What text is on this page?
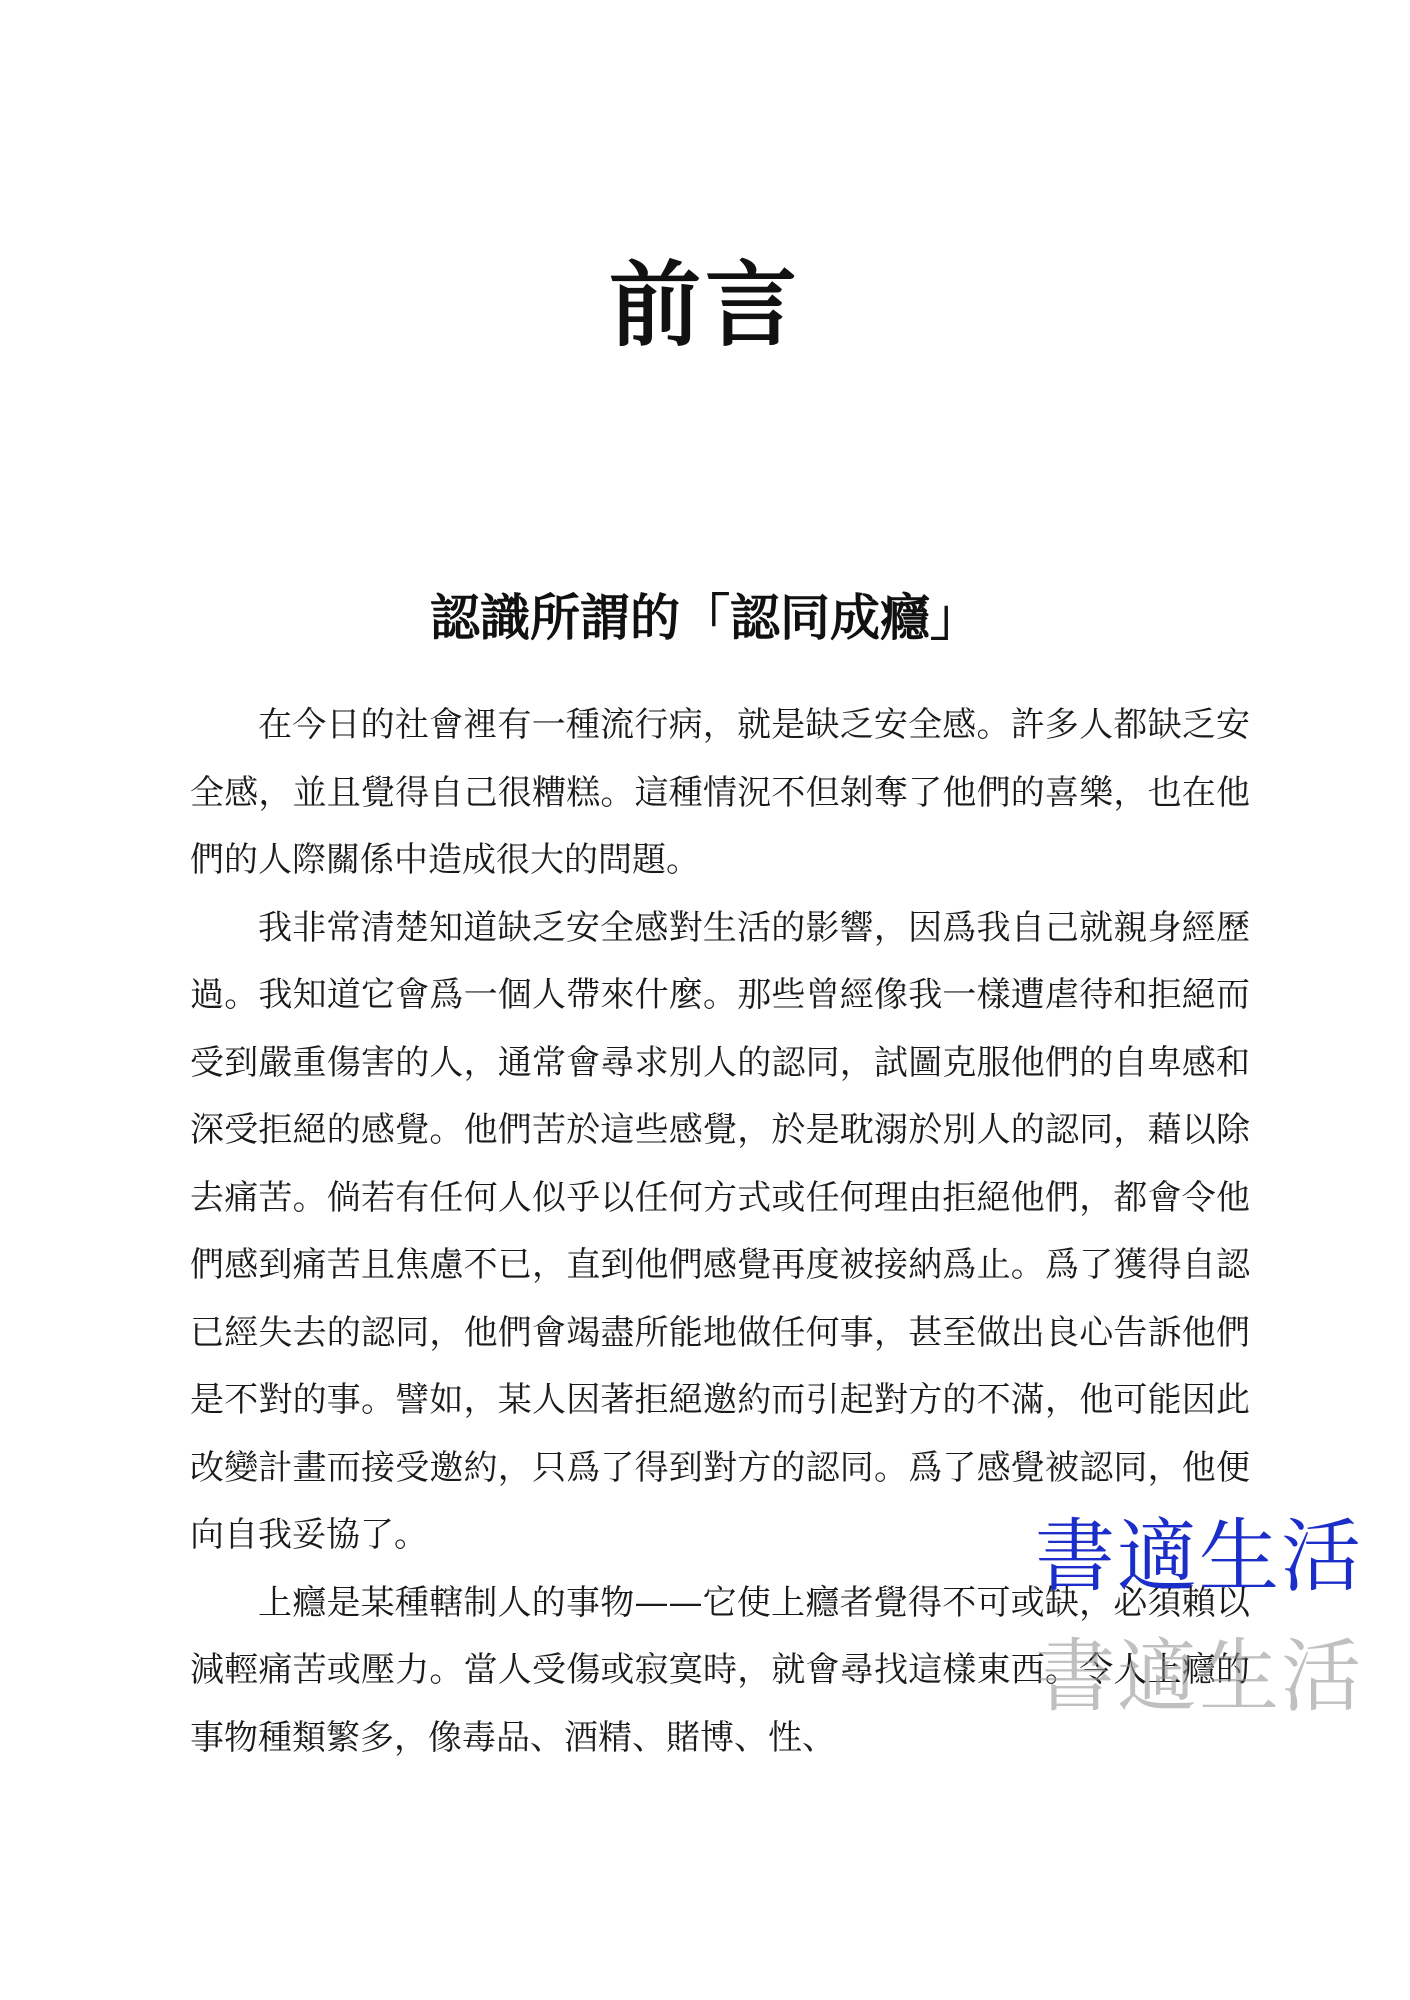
前言
認識所謂的「認同成癮」

在今日的社會裡有一種流行病，就是缺乏安全感。許多人都缺乏安全感，並且覺得自己很糟糕。這種情況不但剝奪了他們的喜樂，也在他們的人際關係中造成很大的問題。

我非常清楚知道缺乏安全感對生活的影響，因爲我自己就親身經歷過。我知道它會爲一個人帶來什麼。那些曾經像我一樣遭虐待和拒絕而受到嚴重傷害的人，通常會尋求別人的認同，試圖克服他們的自卑感和深受拒絕的感覺。他們苦於這些感覺，於是耽溺於別人的認同，藉以除去痛苦。倘若有任何人似乎以任何方式或任何理由拒絕他們，都會令他們感到痛苦且焦慮不已，直到他們感覺再度被接納爲止。爲了獲得自認已經失去的認同，他們會竭盡所能地做任何事，甚至做出良心告訴他們是不對的事。譬如，某人因著拒絕邀約而引起對方的不滿，他可能因此改變計畫而接受邀約，只爲了得到對方的認同。爲了感覺被認同，他便向自我妥協了。

上癮是某種轄制人的事物——它使上癮者覺得不可或缺，必須賴以減輕痛苦或壓力。當人受傷或寂寞時，就會尋找這樣東西。令人上癮的事物種類繁多，像毒品、酒精、賭博、性、

書適生活
書適生活
